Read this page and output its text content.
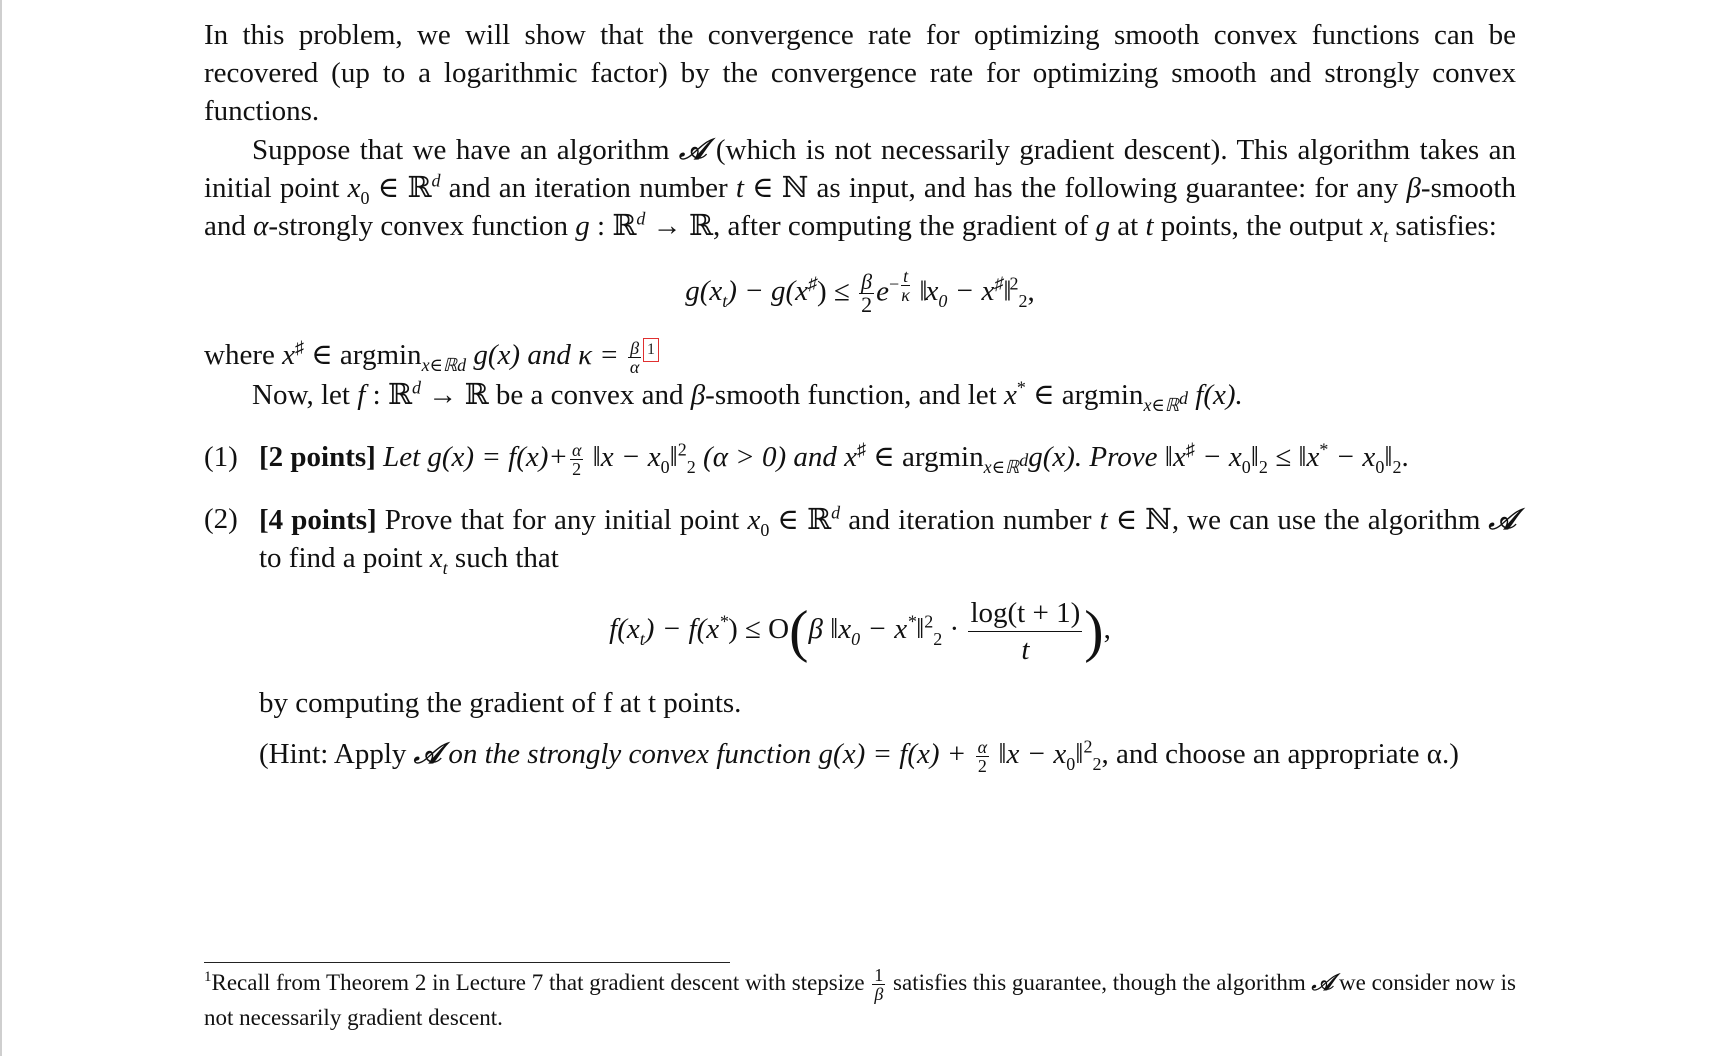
In this problem, we will show that the convergence rate for optimizing smooth convex functions can be recovered (up to a logarithmic factor) by the convergence rate for optimizing smooth and strongly convex functions.

Suppose that we have an algorithm 𝒜 (which is not necessarily gradient descent). This algorithm takes an initial point $x_0$ ∈ ℝ$^d$ and an iteration number t ∈ ℕ as input, and has the following guarantee: for any β-smooth and α-strongly convex function g : ℝ$^d$ → ℝ, after computing the gradient of g at t points, the output $x_t$ satisfies:

$g(x_t) - g(x^♯) \le \frac{\beta}{2} e^{- \frac{t}{\kappa}}$ $‖x_0$ − x♯‖$^2_2$,

where x♯ ∈ argmin$_{x\in ℝd}$ g(x) and $\kappa = \frac{\beta}{\alpha} 1$

Now, let f : ℝ$^d$ → ℝ be a convex and β-smooth function, and let x* ∈ argmin$_{x\in ℝ^d}$ f(x).

(1) [2 points] Let $g(x) = f(x)+ \frac{\alpha}{2}$ ‖x − $x_0‖^2_2$ (α > 0) and x♯ ∈ argmin$_{x\in ℝ^d}$g(x). Prove ‖x♯ − $x_0‖_2$ ≤ ‖x* − $x_0‖_2$.

(2) [4 points] Prove that for any initial point $x_0$ ∈ ℝ$^d$ and iteration number t ∈ ℕ, we can use the algorithm 𝒜 to find a point $x_t$ such that

$f(x_t) - f(x^*) \le O(\beta$ $‖x_0$ − x*‖$^2_2$ · $\frac{\log(t + 1)}{t}$ ),

by computing the gradient of f at t points.

(Hint: Apply 𝒜 on the strongly convex function $g(x) = f(x) + \frac{\alpha}{2}$ ‖x − $x_0‖^2_2$, and choose an appropriate α.)

$^1$Recall from Theorem 2 in Lecture 7 that gradient descent with stepsize $\frac{1}{\beta}$ satisfies this guarantee, though the algorithm 𝒜 we consider now is not necessarily gradient descent.
